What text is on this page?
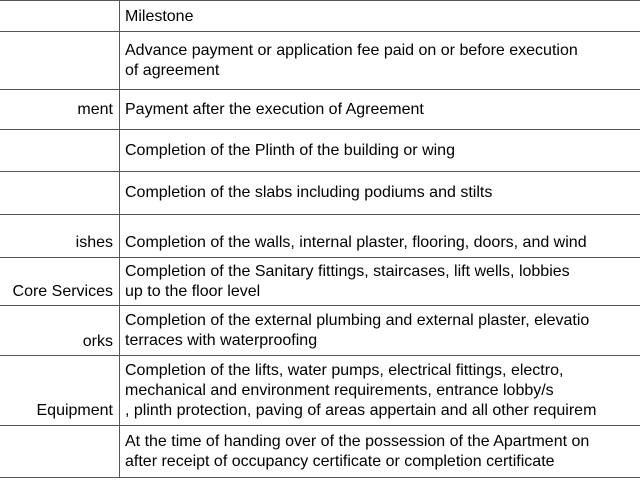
	Milestone
	Advance payment or application fee paid on or before execution
of agreement
ment	Payment after the execution of Agreement
	Completion of the Plinth of the building or wing
	Completion of the slabs including podiums and stilts
ishes	Completion of the walls, internal plaster, flooring, doors, and wind
Core Services	Completion of the Sanitary fittings, staircases, lift wells, lobbies
up to the floor level
orks	Completion of the external plumbing and external plaster, elevatio
terraces with waterproofing
Equipment	Completion of the lifts, water pumps, electrical fittings, electro,
mechanical and environment requirements, entrance lobby/s
, plinth protection, paving of areas appertain and all other requirem
	At the time of handing over of the possession of the Apartment on
after receipt of occupancy certificate or completion certificate
